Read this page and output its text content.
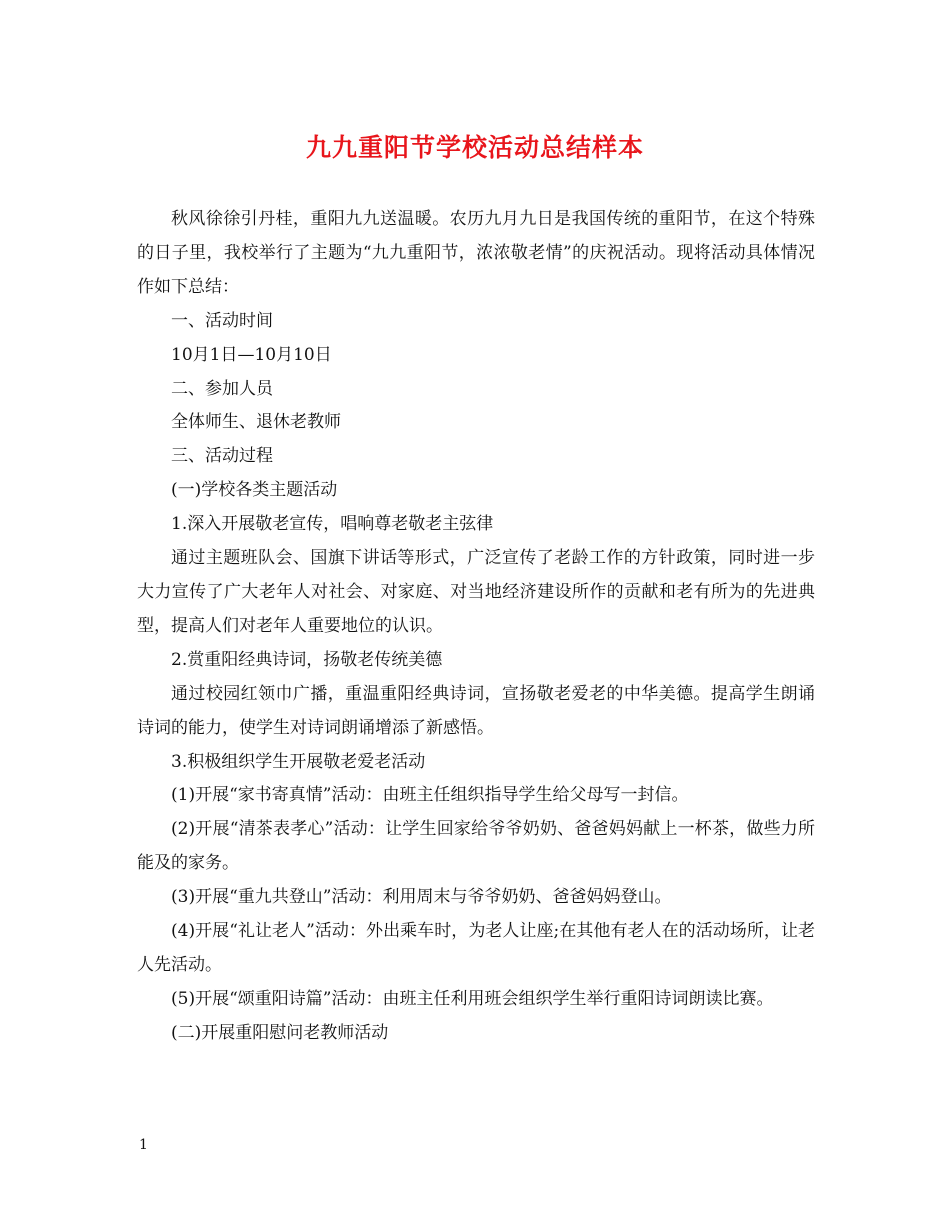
九九重阳节学校活动总结样本

秋风徐徐引丹桂，重阳九九送温暖。农历九月九日是我国传统的重阳节，在这个特殊的日子里，我校举行了主题为“九九重阳节，浓浓敬老情”的庆祝活动。现将活动具体情况作如下总结：

一、活动时间

10月1日—10月10日

二、参加人员

全体师生、退休老教师

三、活动过程

(一)学校各类主题活动

1.深入开展敬老宣传，唱响尊老敬老主弦律

通过主题班队会、国旗下讲话等形式，广泛宣传了老龄工作的方针政策，同时进一步大力宣传了广大老年人对社会、对家庭、对当地经济建设所作的贡献和老有所为的先进典型，提高人们对老年人重要地位的认识。

2.赏重阳经典诗词，扬敬老传统美德

通过校园红领巾广播，重温重阳经典诗词，宣扬敬老爱老的中华美德。提高学生朗诵诗词的能力，使学生对诗词朗诵增添了新感悟。

3.积极组织学生开展敬老爱老活动

(1)开展“家书寄真情”活动：由班主任组织指导学生给父母写一封信。

(2)开展“清茶表孝心”活动：让学生回家给爷爷奶奶、爸爸妈妈献上一杯茶，做些力所能及的家务。

(3)开展“重九共登山”活动：利用周末与爷爷奶奶、爸爸妈妈登山。

(4)开展“礼让老人”活动：外出乘车时，为老人让座;在其他有老人在的活动场所，让老人先活动。

(5)开展“颂重阳诗篇”活动：由班主任利用班会组织学生举行重阳诗词朗读比赛。

(二)开展重阳慰问老教师活动

1
